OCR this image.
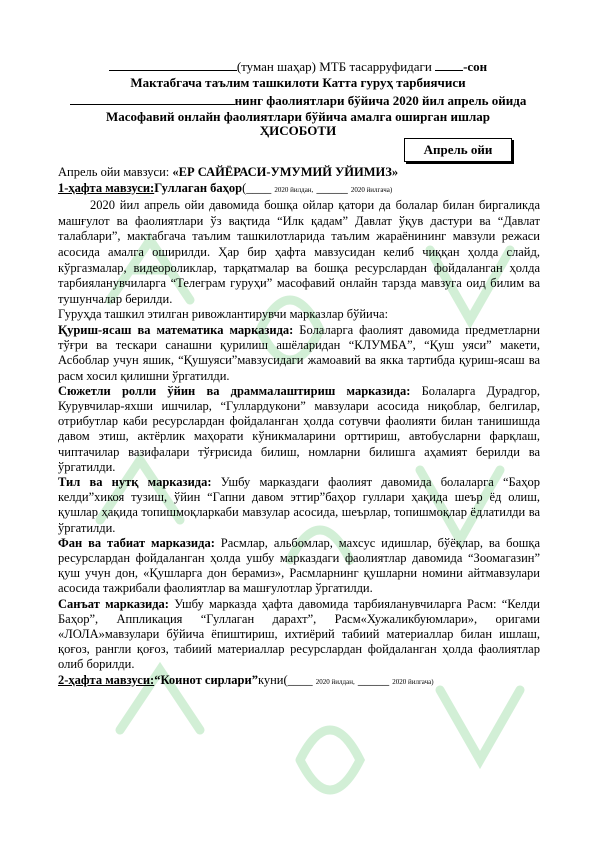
(туман шаҳар) МТБ тасарруфидаги -сон
Мактабгача таълим ташкилоти Катта гуруҳ тарбиячиси
нинг фаолиятлари бўйича 2020 йил апрель ойида
Масофавий онлайн фаолиятлари бўйича амалга оширган ишлар
ҲИСОБОТИ
Апрель ойи

Апрель ойи мавзуси: «ЕР САЙЁРАСИ-УМУМИЙ УЙИМИЗ»

1-ҳафта мавзуси:Гуллаган баҳор(____ 2020 йилдан, _____ 2020 йилгача)

2020 йил апрель ойи давомида бошқа ойлар қатори да болалар билан биргаликда машғулот ва фаолиятлари ўз вақтида “Илк қадам” Давлат ўқув дастури ва “Давлат талаблари”, мактабгача таълим ташкилотларида таълим жараёнининг мавзули режаси асосида амалга оширилди. Ҳар бир ҳафта мавзусидан келиб чиққан ҳолда слайд, кўргазмалар, видеороликлар, тарқатмалар ва бошқа ресурслардан фойдаланган ҳолда тарбияланувчиларга “Телеграм гуруҳи” масофавий онлайн тарзда мавзуга оид билим ва тушунчалар берилди.

Гуруҳда ташкил этилган ривожлантирувчи марказлар бўйича:

Қуриш-ясаш ва математика марказида: Болаларга фаолият давомида предметларни тўғри ва тескари санашни қурилиш ашёларидан “КЛУМБА”, “Қуш уяси” макети, Асбоблар учун яшик, “Қушуяси”мавзусидаги жамоавий ва якка тартибда қуриш-ясаш ва расм хосил қилишни ўргатилди.

Сюжетли ролли ўйин ва драммалаштириш марказида: Болаларга Дурадгор, Курувчилар-яхши ишчилар, “Гуллардукони” мавзулари асосида ниқоблар, белгилар, отрибутлар каби ресурслардан фойдаланган ҳолда сотувчи фаолияти билан танишишда давом этиш, актёрлик маҳорати кўникмаларини орттириш, автобусларни фарқлаш, чиптачилар вазифалари тўғрисида билиш, номларни билишга аҳамият берилди ва ўргатилди.

Тил ва нутқ марказида: Ушбу марказдаги фаолият давомида болаларга “Баҳор келди”хикоя тузиш, ўйин “Гапни давом эттир”баҳор гуллари ҳақида шеър ёд олиш, қушлар ҳақида топишмоқларкаби мавзулар асосида, шеърлар, топишмоқлар ёдлатилди ва ўргатилди.

Фан ва табиат марказида: Расмлар, альбомлар, махсус идишлар, бўёқлар, ва бошқа ресурслардан фойдаланган ҳолда ушбу марказдаги фаолиятлар давомида “Зоомагазин” қуш учун дон, «Қушларга дон берамиз», Расмларнинг қушларни номини айтмавзулари асосида тажрибали фаолиятлар ва машғулотлар ўргатилди.

Санъат марказида: Ушбу марказда ҳафта давомида тарбияланувчиларга Расм: “Келди Баҳор”, Аппликация “Гуллаган дарахт”, Расм«Хужаликбуюмлари», оригами «ЛОЛА»мавзулари бўйича ёпиштириш, ихтиёрий табиий материаллар билан ишлаш, қоғоз, рангли қоғоз, табиий материаллар ресурслардан фойдаланган ҳолда фаолиятлар олиб борилди.

2-ҳафта мавзуси:“Коинот сирлари”куни(____ 2020 йилдан, _____ 2020 йилгача)
